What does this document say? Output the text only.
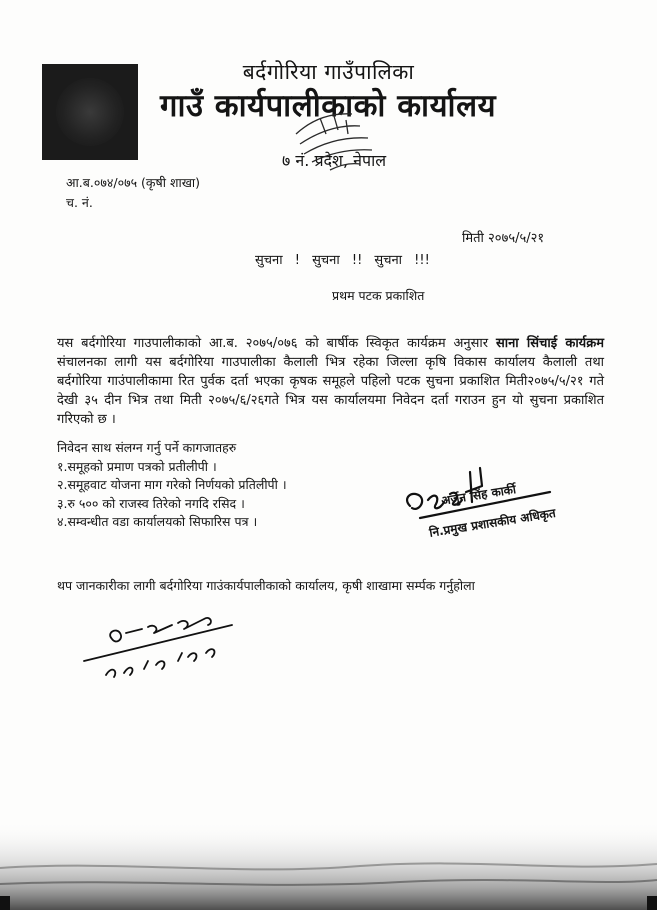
बर्दगोरिया गाउँपालिका
गाउँ कार्यपालीकाको कार्यालय
७ नं. प्रदेश, नेपाल
आ.ब.०७४/०७५ (कृषी शाखा)
च. नं.
मिती २०७५/५/२१
सुचना ! सुचना !! सुचना !!!
प्रथम पटक प्रकाशित
यस बर्दगोरिया गाउपालीकाको आ.ब. २०७५/०७६ को बार्षीक स्विकृत कार्यक्रम अनुसार साना सिंचाई कार्यक्रम संचालनका लागी यस बर्दगोरिया गाउपालीका कैलाली भित्र रहेका जिल्ला कृषि विकास कार्यालय कैलाली तथा बर्दगोरिया गाउंपालीकामा रित पुर्वक दर्ता भएका कृषक समूहले पहिलो पटक सुचना प्रकाशित मिती२०७५/५/२१ गते देखी ३५ दीन भित्र तथा मिती २०७५/६/२६गते भित्र यस कार्यालयमा निवेदन दर्ता गराउन हुन यो सुचना प्रकाशित गरिएको छ ।
निवेदन साथ संलग्न गर्नु पर्ने कागजातहरु
१.समूहको प्रमाण पत्रको प्रतीलीपी ।
२.समूहवाट योजना माग गरेको निर्णयको प्रतिलीपी ।
३.रु ५०० को राजस्व तिरेको नगदि रसिद ।
४.सम्वन्धीत वडा कार्यालयको सिफारिस पत्र ।
अर्जुन सिंह कार्की
नि.प्रमुख प्रशासकीय अधिकृत
थप जानकारीका लागी बर्दगोरिया गाउंकार्यपालीकाको कार्यालय, कृषी शाखामा सर्म्पक गर्नुहोला
